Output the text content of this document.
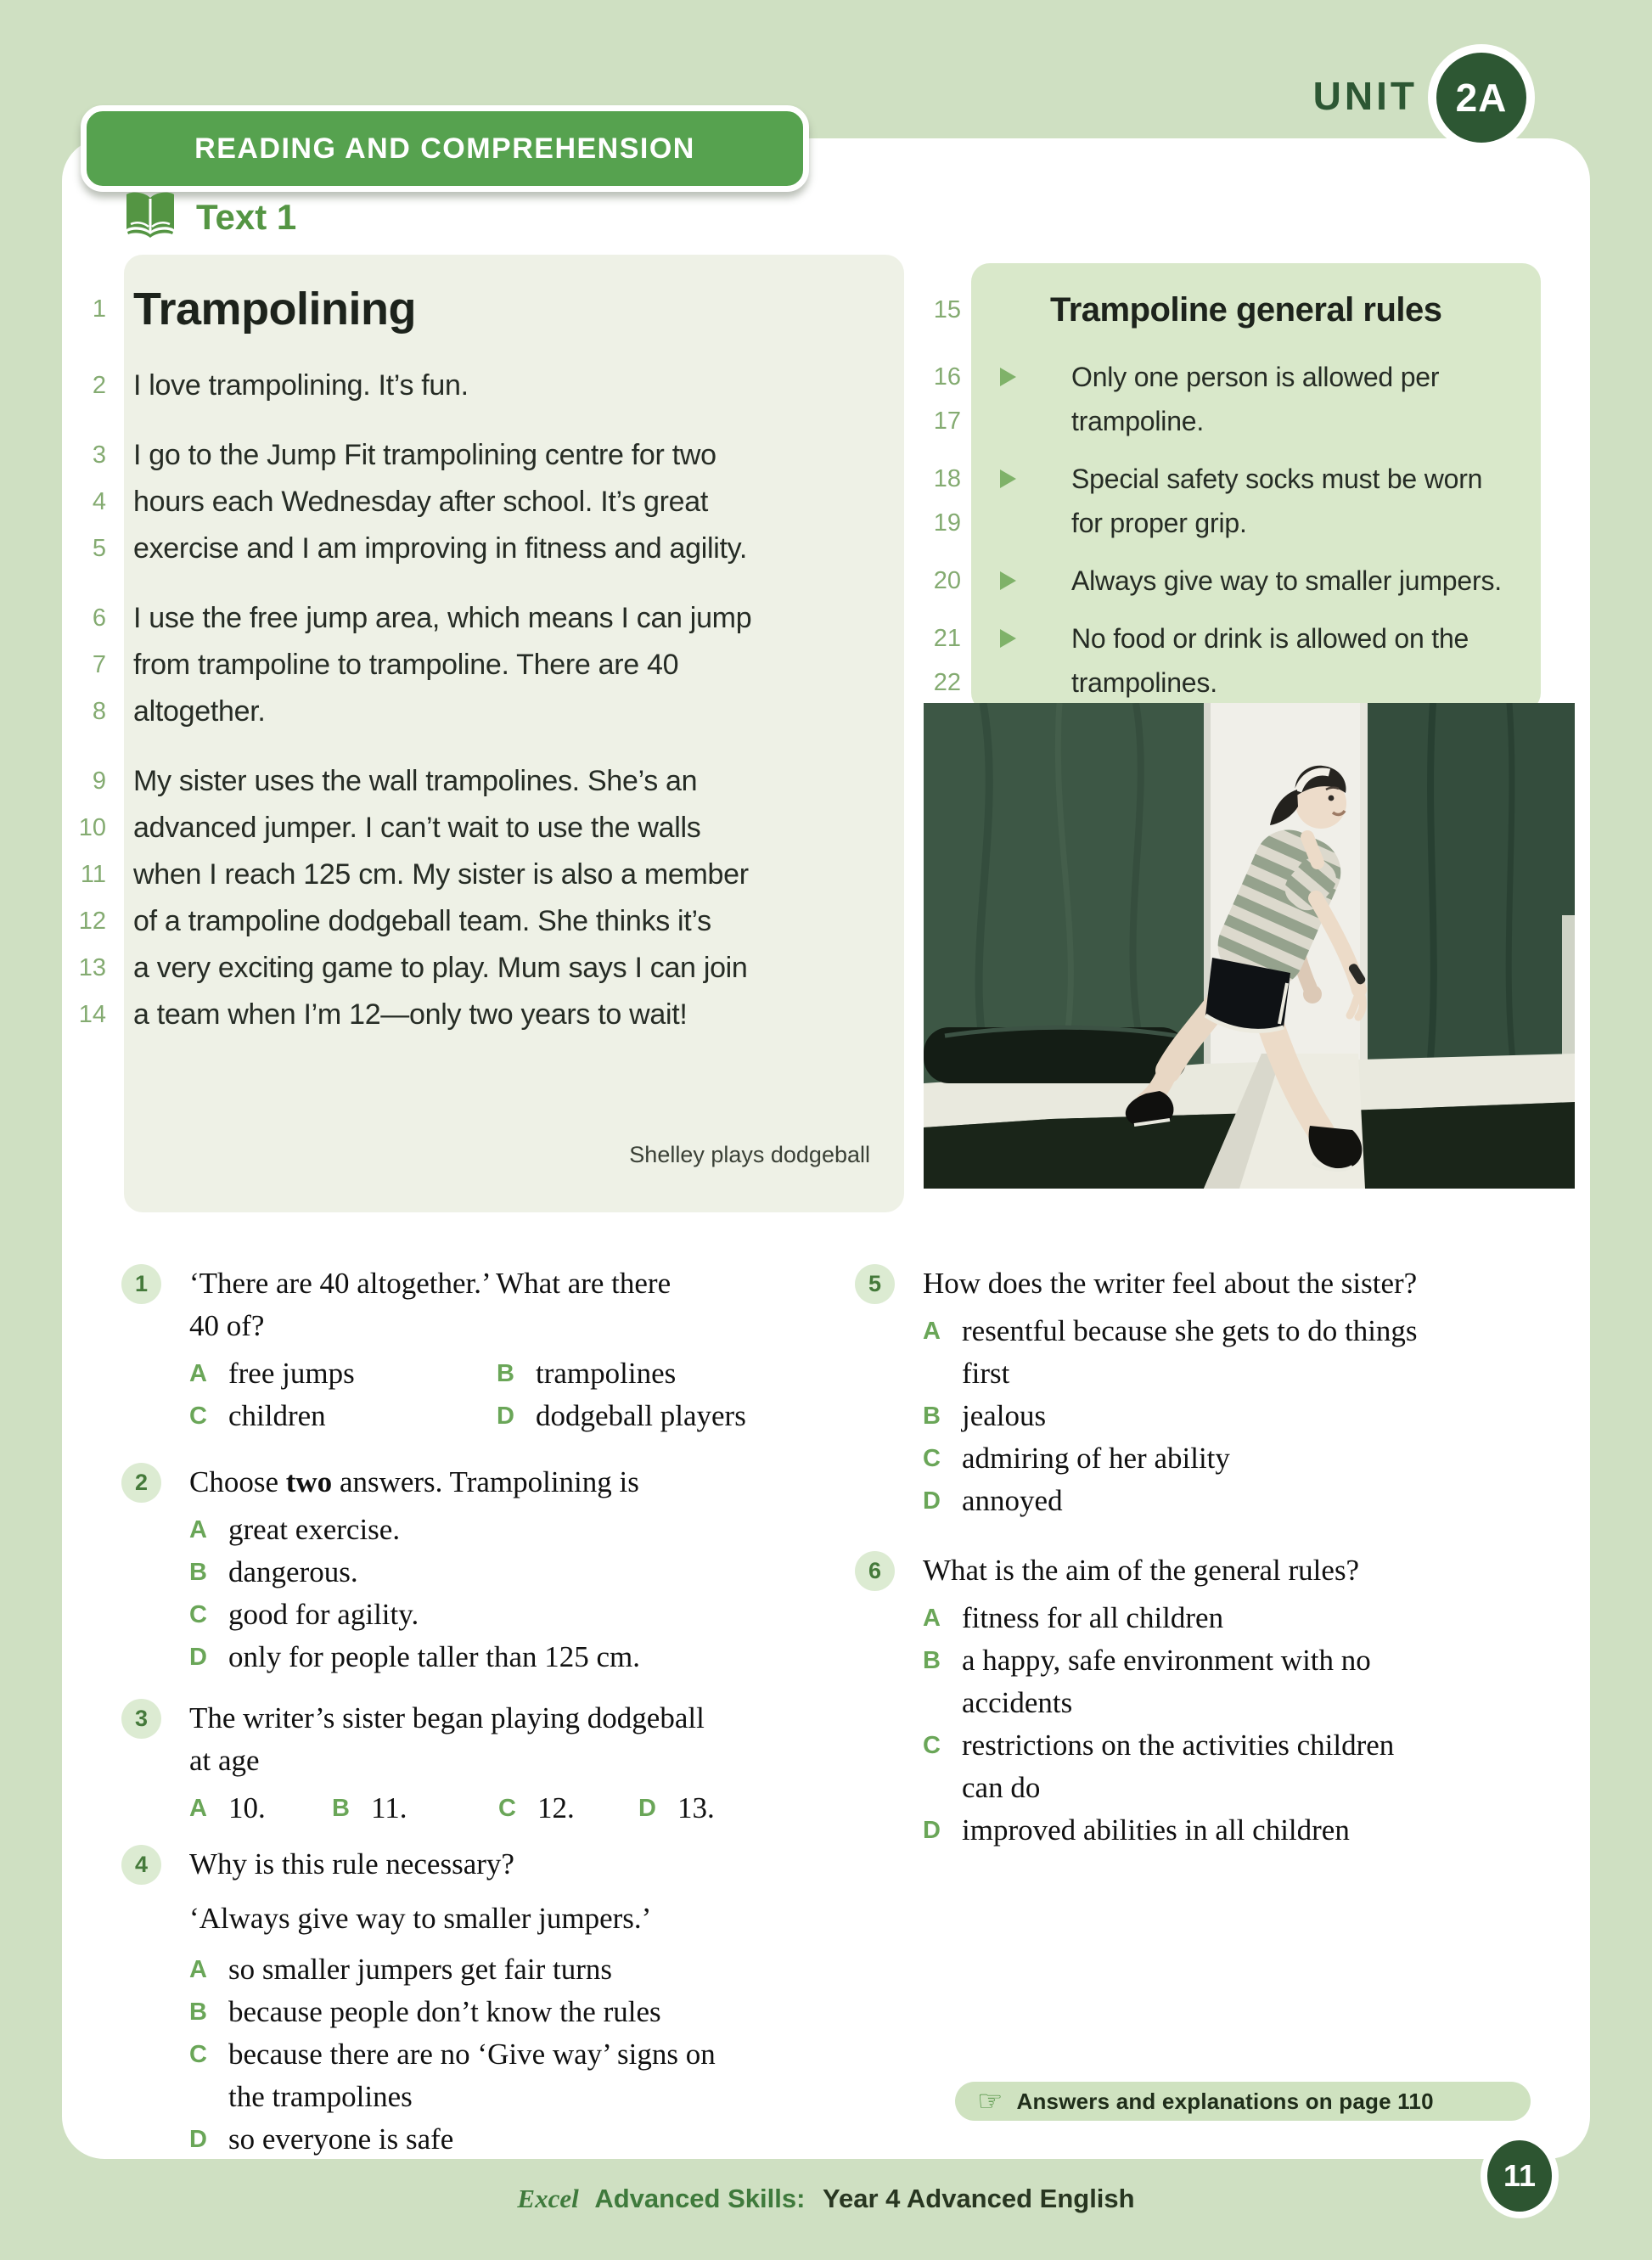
READING AND COMPREHENSION
UNIT 2A
Text 1
1 Trampolining
2 I love trampolining. It’s fun.
3 I go to the Jump Fit trampolining centre for two
4 hours each Wednesday after school. It’s great
5 exercise and I am improving in fitness and agility.
6 I use the free jump area, which means I can jump
7 from trampoline to trampoline. There are 40
8 altogether.
9 My sister uses the wall trampolines. She’s an
10 advanced jumper. I can’t wait to use the walls
11 when I reach 125 cm. My sister is also a member
12 of a trampoline dodgeball team. She thinks it’s
13 a very exciting game to play. Mum says I can join
14 a team when I’m 12—only two years to wait!
Shelley plays dodgeball
15	Trampoline general rules
16	Only one person is allowed per
17	trampoline.
18	Special safety socks must be worn
19	for proper grip.
20	Always give way to smaller jumpers.
21	No food or drink is allowed on the
22	trampolines.
1	‘There are 40 altogether.’ What are there
40 of?
A free jumps	B trampolines
C children	D dodgeball players
2	Choose two answers. Trampolining is
A great exercise.
B dangerous.
C good for agility.
D only for people taller than 125 cm.
3	The writer’s sister began playing dodgeball
at age
A 10.	B 11.	C 12.	D 13.
4	Why is this rule necessary?
‘Always give way to smaller jumpers.’
A so smaller jumpers get fair turns
B because people don’t know the rules
C because there are no ‘Give way’ signs on
the trampolines
D so everyone is safe
5	How does the writer feel about the sister?
A resentful because she gets to do things
first
B jealous
C admiring of her ability
D annoyed
6	What is the aim of the general rules?
A fitness for all children
B a happy, safe environment with no
accidents
C restrictions on the activities children
can do
D improved abilities in all children
☞ Answers and explanations on page 110
11
Excel Advanced Skills: Year 4 Advanced English
